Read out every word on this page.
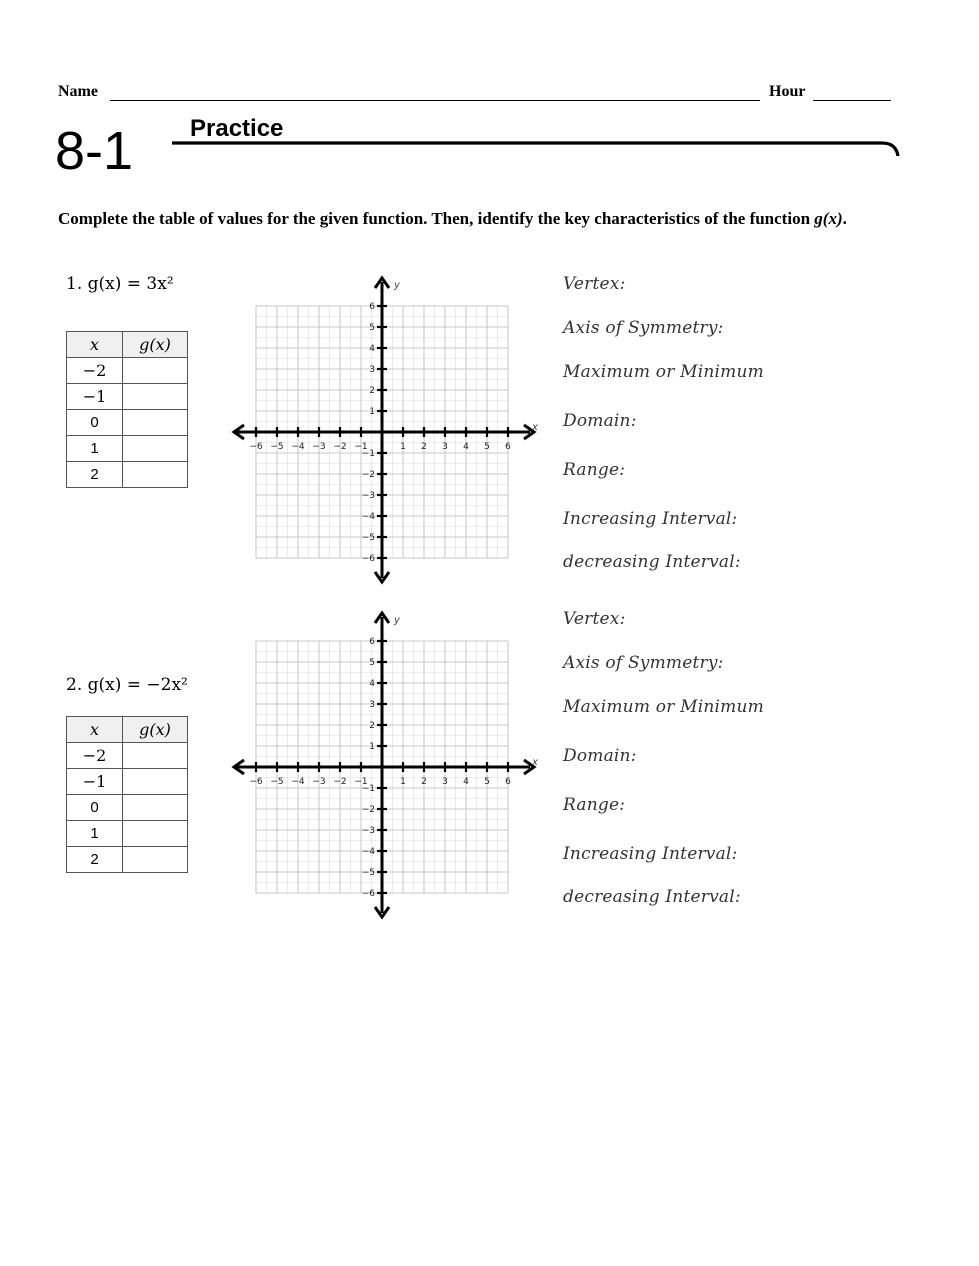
Name	Hour
8-1 Practice
Complete the table of values for the given function. Then, identify the key characteristics of the function g(x).
1. g(x) = 3x²
x	g(x)
−2	
−1	
0	
1	
2	
−6 −5 −4 −3 −2 −1	1 2 3 4 5 6
6
5
4
3
2
1
−1
−2
−3
−4
−5
−6
x
y	Vertex:
Axis of Symmetry:
Maximum or Minimum
Domain:
Range:
Increasing Interval:
decreasing Interval:
2. g(x) = −2x²
x	g(x)
−2	
−1	
0	
1	
2	
−6 −5 −4 −3 −2 −1	1 2 3 4 5 6
6
5
4
3
2
1
−1
−2
−3
−4
−5
−6
x
y	Vertex:
Axis of Symmetry:
Maximum or Minimum
Domain:
Range:
Increasing Interval:
decreasing Interval:
